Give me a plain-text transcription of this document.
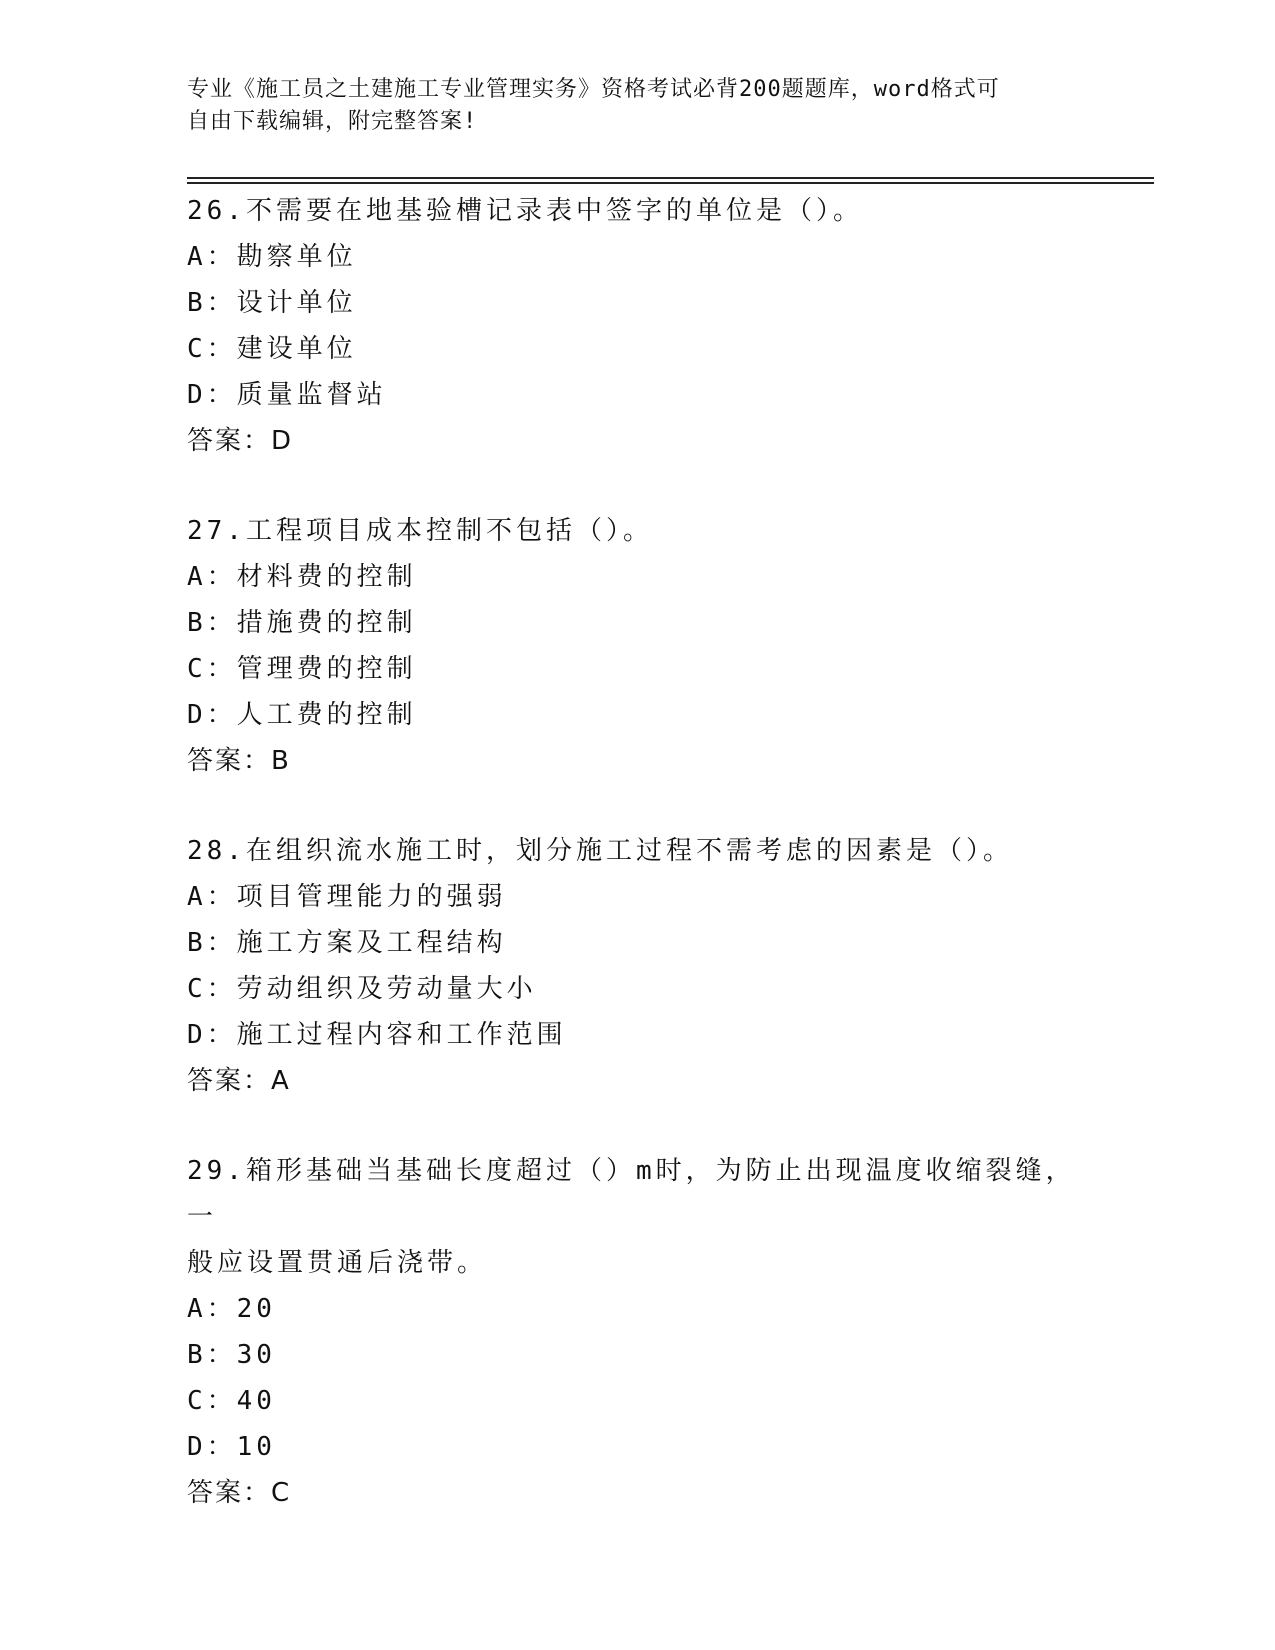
专业《施工员之土建施工专业管理实务》资格考试必背200题题库，word格式可
自由下载编辑，附完整答案!
26.不需要在地基验槽记录表中签字的单位是（）。
A：勘察单位
B：设计单位
C：建设单位
D：质量监督站
答案：D
27.工程项目成本控制不包括（）。
A：材料费的控制
B：措施费的控制
C：管理费的控制
D：人工费的控制
答案：B
28.在组织流水施工时，划分施工过程不需考虑的因素是（）。
A：项目管理能力的强弱
B：施工方案及工程结构
C：劳动组织及劳动量大小
D：施工过程内容和工作范围
答案：A
29.箱形基础当基础长度超过（）m时，为防止出现温度收缩裂缝，一
般应设置贯通后浇带。
A：20
B：30
C：40
D：10
答案：C
